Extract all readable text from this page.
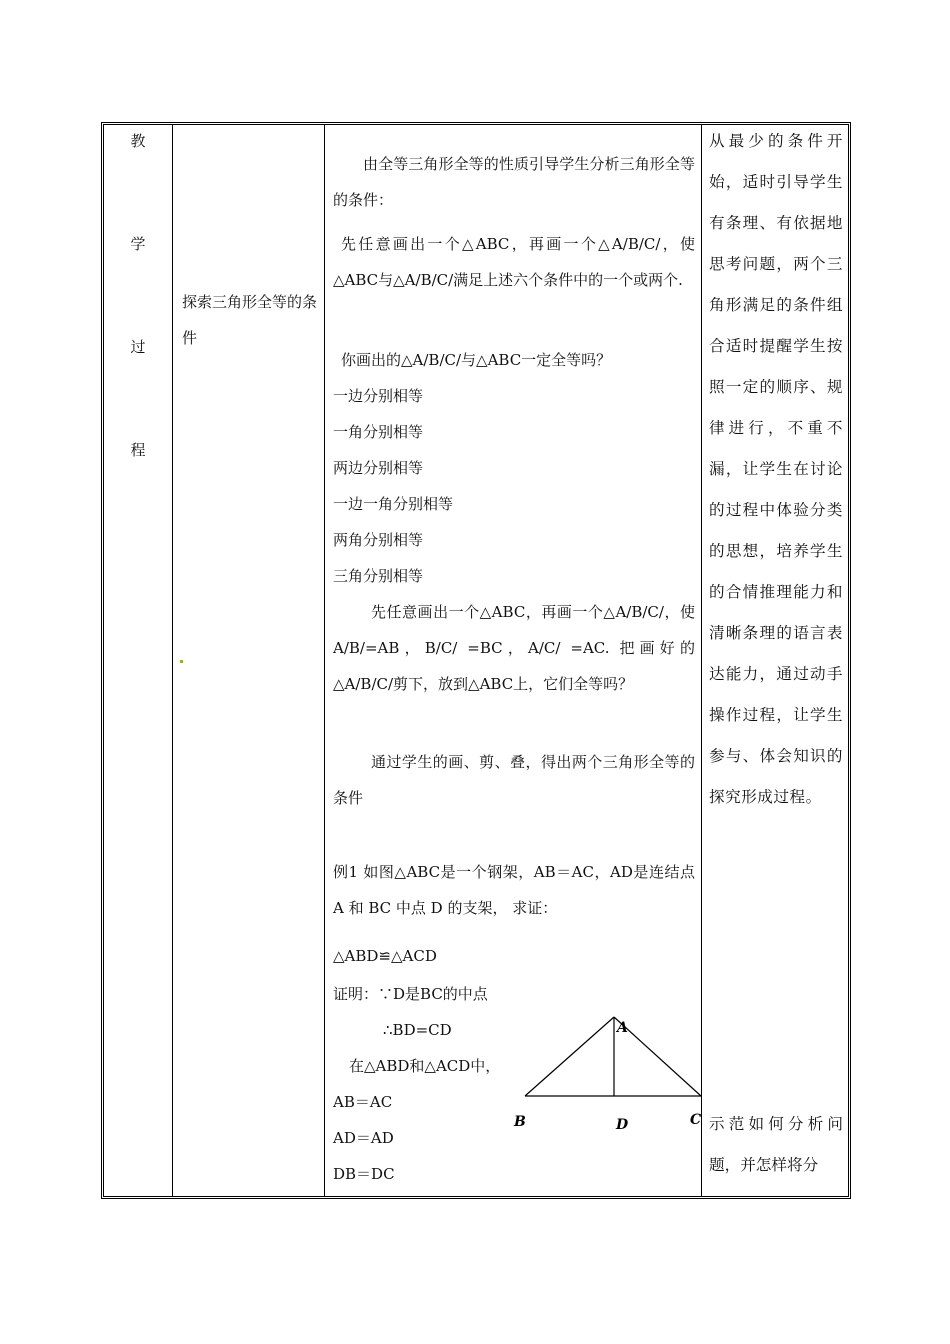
教
学
过
程
探索三角形全等的条件
由全等三角形全等的性质引导学生分析三角形全等的条件：
先任意画出一个△ABC，再画一个△A/B/C/，使△ABC与△A/B/C/满足上述六个条件中的一个或两个.
你画出的△A/B/C/与△ABC一定全等吗？
一边分别相等
一角分别相等
两边分别相等
一边一角分别相等
两角分别相等
三角分别相等
先任意画出一个△ABC，再画一个△A/B/C/，使A/B/=AB，B/C/ =BC，A/C/ =AC. 把画好的△A/B/C/剪下，放到△ABC上，它们全等吗？
通过学生的画、剪、叠，得出两个三角形全等的条件
例1 如图△ABC是一个钢架，AB＝AC，AD是连结点 A 和 BC 中点 D 的支架， 求证：
△ABD≌△ACD
证明：∵D是BC的中点
∴BD=CD
在△ABD和△ACD中，
AB＝AC
AD＝AD
DB＝DC
A
B	C
D
从最少的条件开始，适时引导学生有条理、有依据地思考问题，两个三角形满足的条件组合适时提醒学生按照一定的顺序、规律进行，不重不漏，让学生在讨论的过程中体验分类的思想，培养学生的合情推理能力和清晰条理的语言表达能力，通过动手操作过程，让学生参与、体会知识的探究形成过程。
示范如何分析问题，并怎样将分
